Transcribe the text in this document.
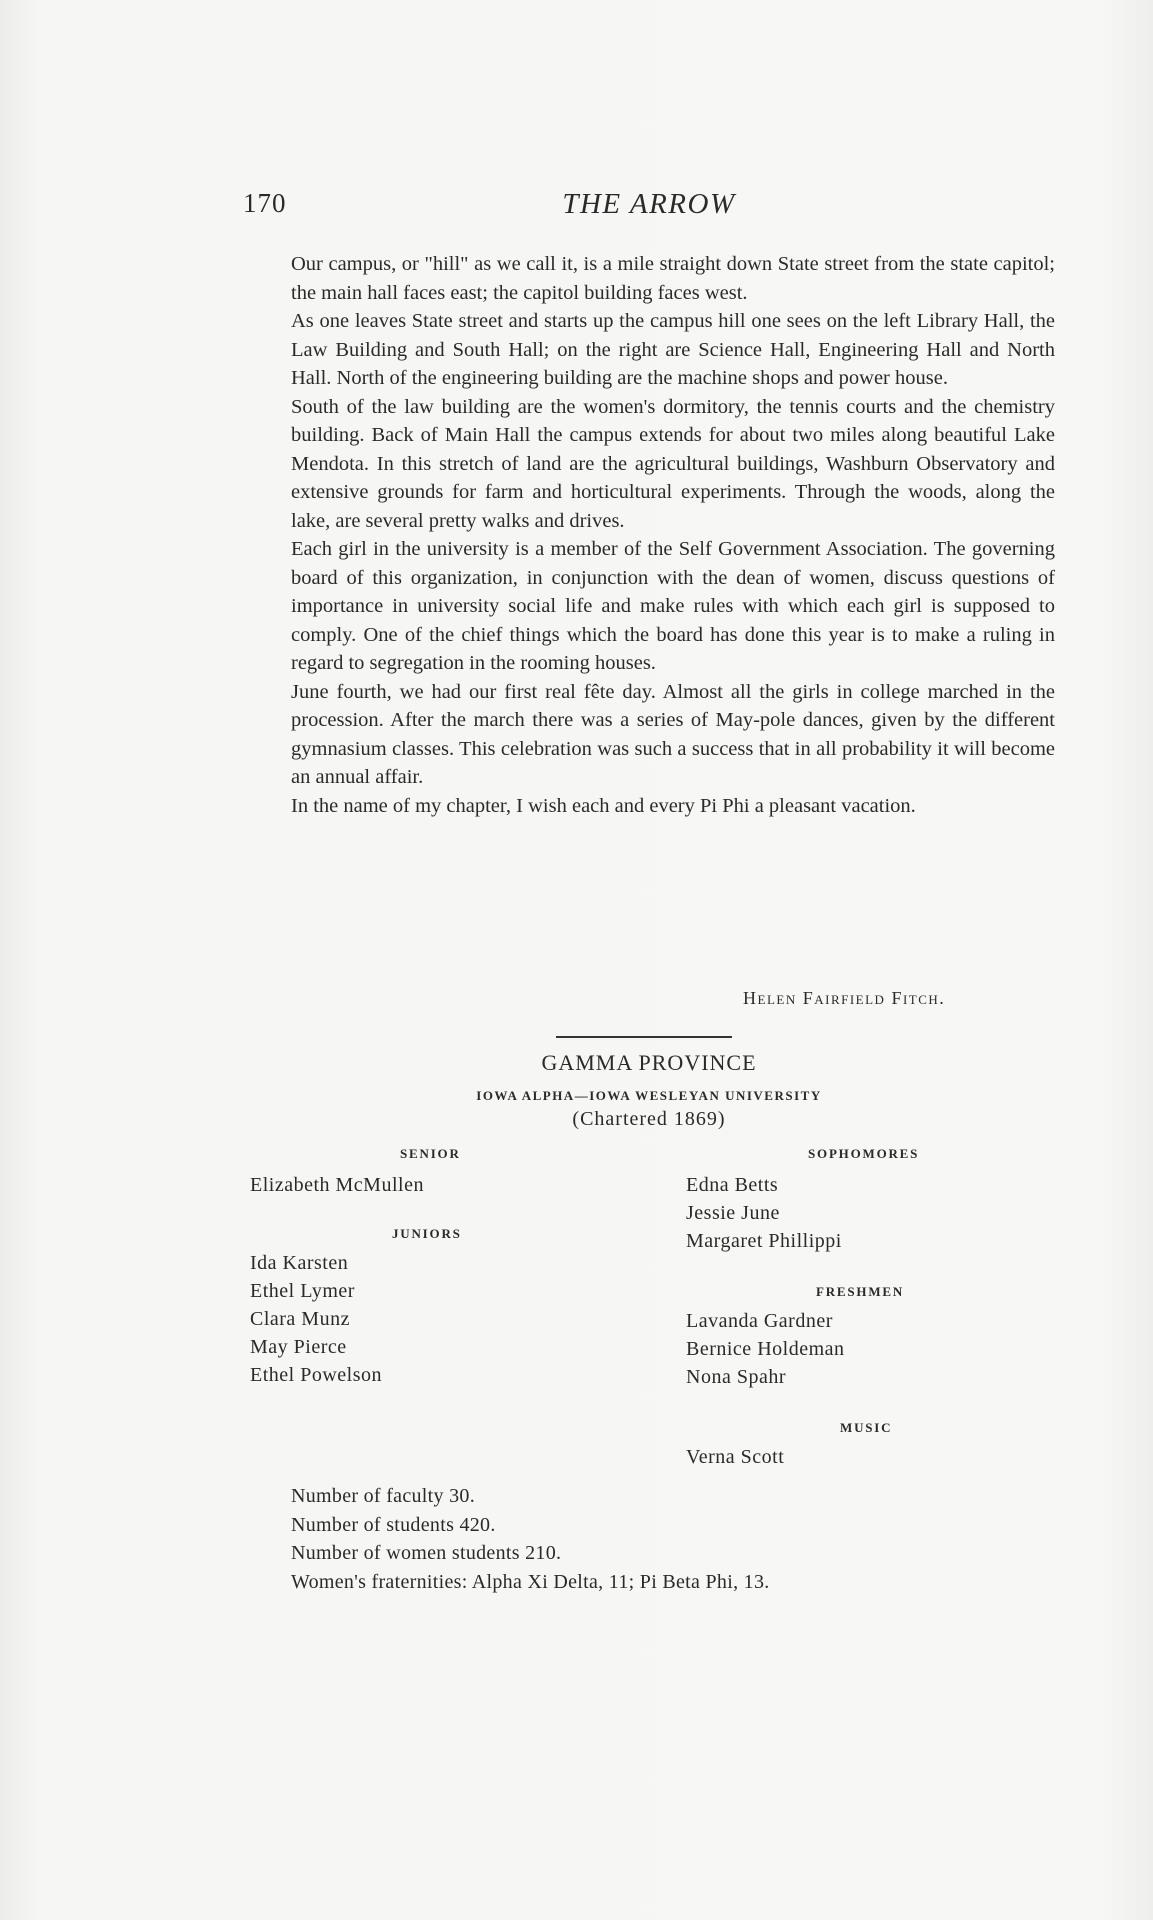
170	THE ARROW

Our campus, or "hill" as we call it, is a mile straight down State street from the state capitol; the main hall faces east; the capitol building faces west.

As one leaves State street and starts up the campus hill one sees on the left Library Hall, the Law Building and South Hall; on the right are Science Hall, Engineering Hall and North Hall. North of the engineering building are the machine shops and power house.

South of the law building are the women's dormitory, the tennis courts and the chemistry building. Back of Main Hall the campus extends for about two miles along beautiful Lake Mendota. In this stretch of land are the agricultural buildings, Washburn Observatory and extensive grounds for farm and horticultural experiments. Through the woods, along the lake, are several pretty walks and drives.

Each girl in the university is a member of the Self Government Association. The governing board of this organization, in conjunction with the dean of women, discuss questions of importance in university social life and make rules with which each girl is supposed to comply. One of the chief things which the board has done this year is to make a ruling in regard to segregation in the rooming houses.

June fourth, we had our first real fête day. Almost all the girls in college marched in the procession. After the march there was a series of May-pole dances, given by the different gymnasium classes. This celebration was such a success that in all probability it will become an annual affair.

In the name of my chapter, I wish each and every Pi Phi a pleasant vacation.

Helen Fairfield Fitch.
GAMMA PROVINCE
IOWA ALPHA—IOWA WESLEYAN UNIVERSITY
(Chartered 1869)
SENIOR
Elizabeth McMullen
JUNIORS
Ida Karsten
Ethel Lymer
Clara Munz
May Pierce
Ethel Powelson
SOPHOMORES
Edna Betts
Jessie June
Margaret Phillippi
FRESHMEN
Lavanda Gardner
Bernice Holdeman
Nona Spahr
MUSIC
Verna Scott
Number of faculty 30.
Number of students 420.
Number of women students 210.
Women's fraternities: Alpha Xi Delta, 11; Pi Beta Phi, 13.
